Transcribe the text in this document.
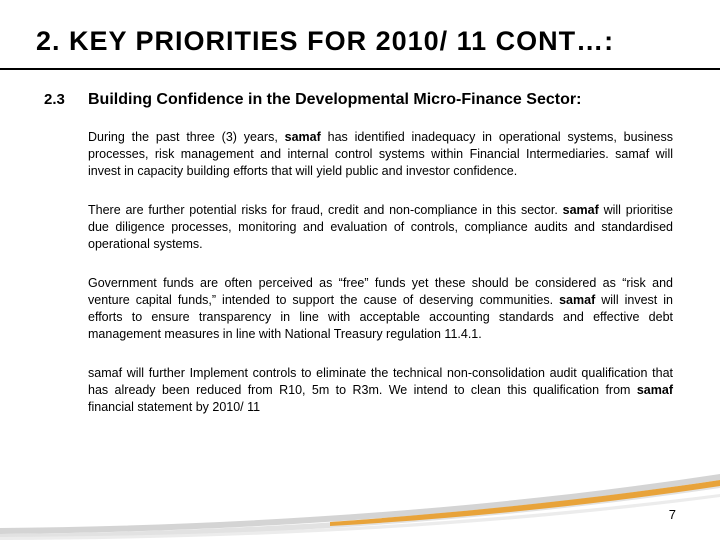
2. KEY PRIORITIES FOR 2010/ 11 CONT…:
2.3 Building Confidence in the Developmental Micro-Finance Sector:

During the past three (3) years, samaf has identified inadequacy in operational systems, business processes, risk management and internal control systems within Financial Intermediaries. samaf will invest in capacity building efforts that will yield public and investor confidence.

There are further potential risks for fraud, credit and non-compliance in this sector. samaf will prioritise due diligence processes, monitoring and evaluation of controls, compliance audits and standardised operational systems.

Government funds are often perceived as “free” funds yet these should be considered as “risk and venture capital funds,” intended to support the cause of deserving communities. samaf will invest in efforts to ensure transparency in line with acceptable accounting standards and effective debt management measures in line with National Treasury regulation 11.4.1.

samaf will further Implement controls to eliminate the technical non-consolidation audit qualification that has already been reduced from R10, 5m to R3m. We intend to clean this qualification from samaf financial statement by 2010/ 11

7
